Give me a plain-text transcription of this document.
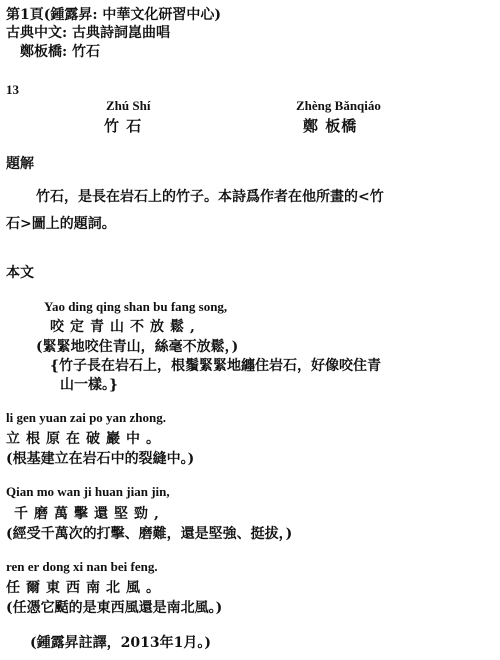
第1頁(鍾露昇: 中華文化研習中心)
古典中文: 古典詩詞崑曲唱
鄭板橋: 竹石
13
Zhú Shí
竹 石
Zhèng Bǎnqiáo
鄭 板橋
題解
竹石，是長在岩石上的竹子。本詩爲作者在他所畫的<竹
石>圖上的題詞。
本文
Yao ding qing shan bu fang song,
咬定青山不放鬆,
(緊緊地咬住青山，絲毫不放鬆，)
{竹子長在岩石上，根鬚緊緊地纏住岩石，好像咬住青
山一樣。}
li gen yuan zai po yan zhong.
立根原在破巖中。
(根基建立在岩石中的裂縫中。)
Qian mo wan ji huan jian jin,
千磨萬擊還堅勁,
(經受千萬次的打擊、磨難，還是堅強、挺拔，)
ren er dong xi nan bei feng.
任爾東西南北風。
(任憑它颳的是東西風還是南北風。)
(鍾露昇註譯，2013年1月。)
